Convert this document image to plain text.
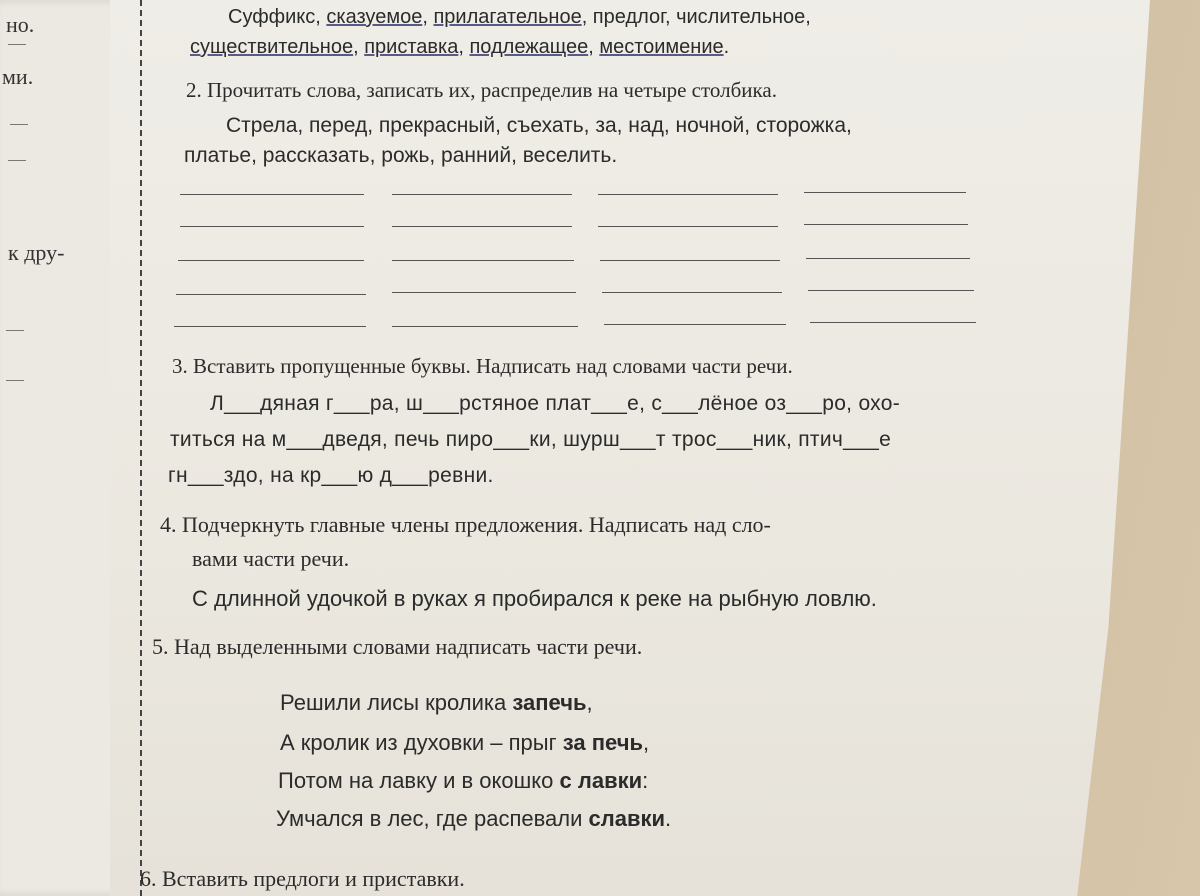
но.
ми.
к дру-
Суффикс, сказуемое, прилагательное, предлог, числительное,
существительное, приставка, подлежащее, местоимение.
2. Прочитать слова, записать их, распределив на четыре столбика.
Стрела, перед, прекрасный, съехать, за, над, ночной, сторожка,
платье, рассказать, рожь, ранний, веселить.
3. Вставить пропущенные буквы. Надписать над словами части речи.
Л___дяная г___ра, ш___рстяное плат___е, с___лёное оз___ро, охо-
титься на м___дведя, печь пиро___ки, шурш___т трос___ник, птич___е
гн___здо, на кр___ю д___ревни.
4. Подчеркнуть главные члены предложения. Надписать над сло-
вами части речи.
С длинной удочкой в руках я пробирался к реке на рыбную ловлю.
5. Над выделенными словами надписать части речи.
Решили лисы кролика запечь,
А кролик из духовки – прыг за печь,
Потом на лавку и в окошко с лавки:
Умчался в лес, где распевали славки.
6. Вставить предлоги и приставки.
